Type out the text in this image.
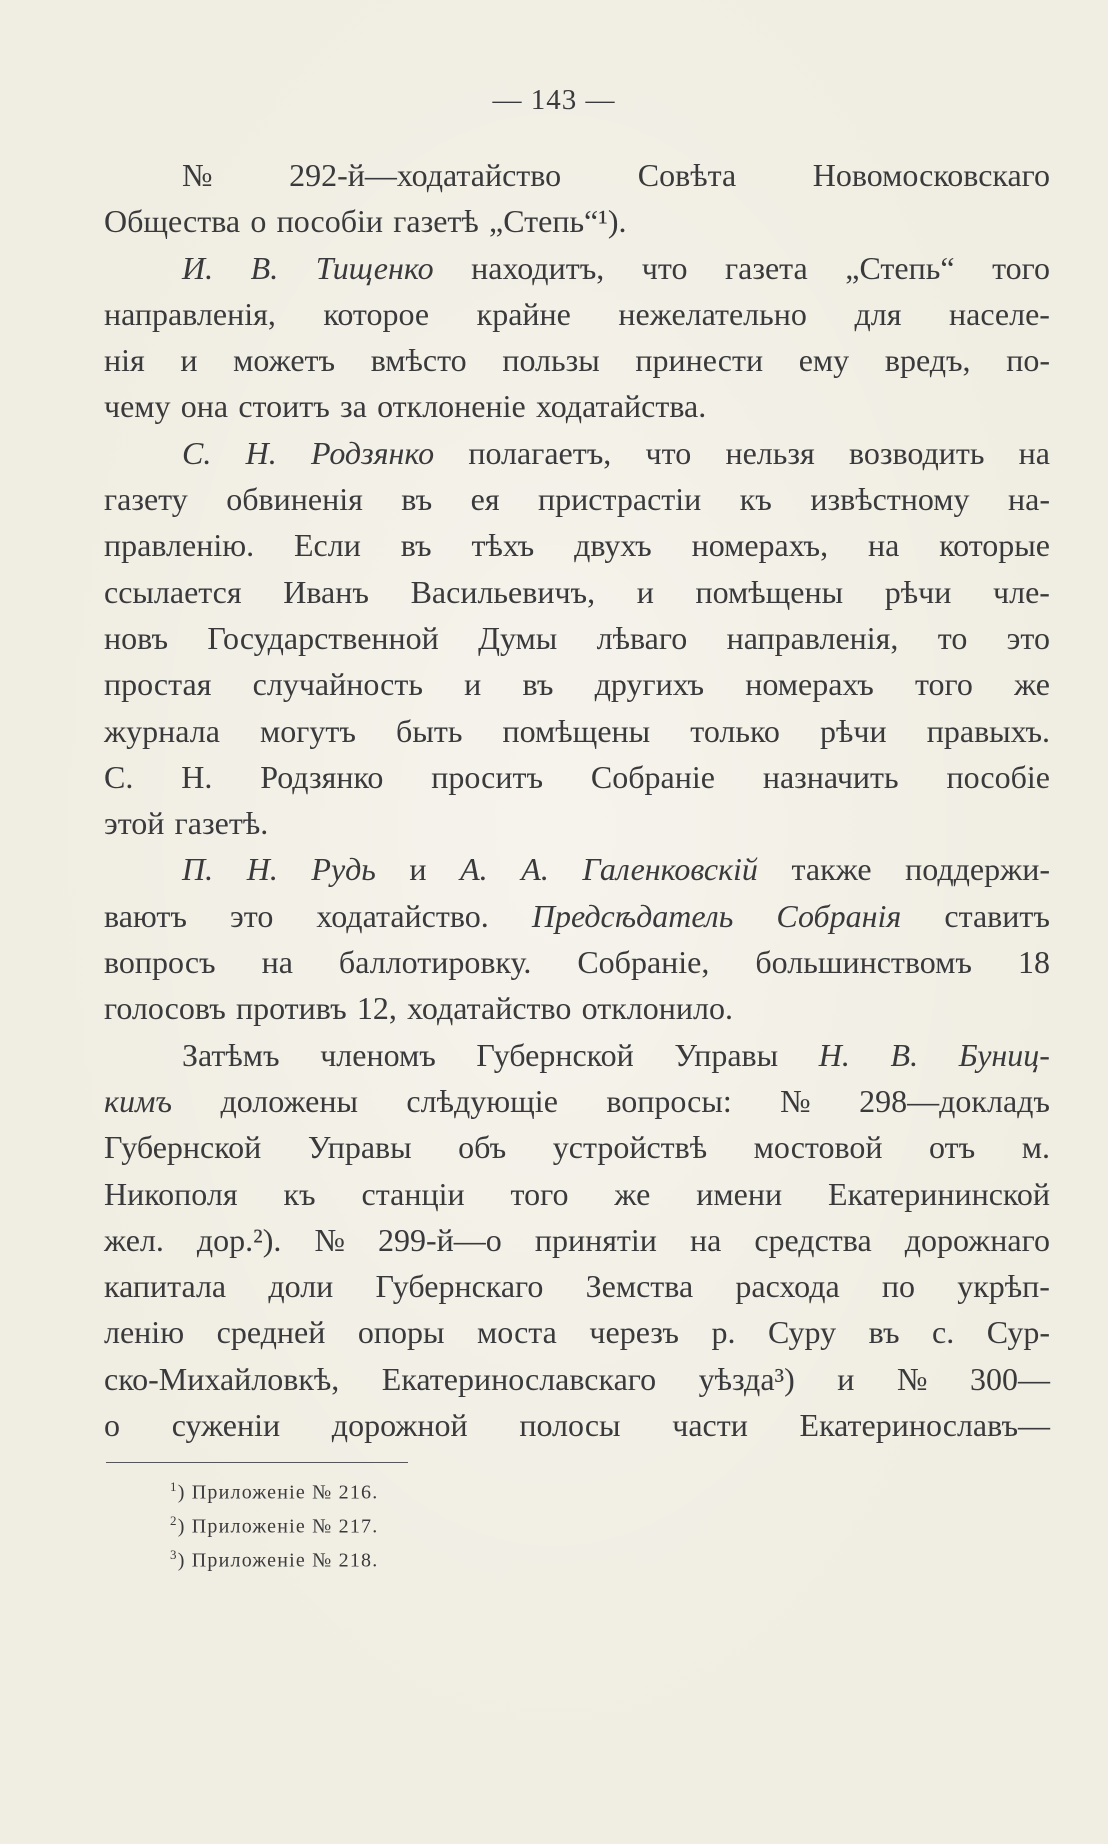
— 143 —
№ 292-й—ходатайство Совѣта Новомосковскаго
Общества о пособіи газетѣ „Степь“¹).
И. В. Тищенко находитъ, что газета „Степь“ того
направленія, которое крайне нежелательно для населе-
нія и можетъ вмѣсто пользы принести ему вредъ, по-
чему она стоитъ за отклоненіе ходатайства.
С. Н. Родзянко полагаетъ, что нельзя возводить на
газету обвиненія въ ея пристрастіи къ извѣстному на-
правленію. Если въ тѣхъ двухъ номерахъ, на которые
ссылается Иванъ Васильевичъ, и помѣщены рѣчи чле-
новъ Государственной Думы лѣваго направленія, то это
простая случайность и въ другихъ номерахъ того же
журнала могутъ быть помѣщены только рѣчи правыхъ.
С. Н. Родзянко проситъ Собраніе назначить пособіе
этой газетѣ.
П. Н. Рудь и А. А. Галенковскій также поддержи-
ваютъ это ходатайство. Предсѣдатель Собранія ставитъ
вопросъ на баллотировку. Собраніе, большинствомъ 18
голосовъ противъ 12, ходатайство отклонило.
Затѣмъ членомъ Губернской Управы Н. В. Буниц-
кимъ доложены слѣдующіе вопросы: № 298—докладъ
Губернской Управы объ устройствѣ мостовой отъ м.
Никополя къ станціи того же имени Екатерининской
жел. дор.²). № 299-й—о принятіи на средства дорожнаго
капитала доли Губернскаго Земства расхода по укрѣп-
ленію средней опоры моста черезъ р. Суру въ с. Сур-
ско-Михайловкѣ, Екатеринославскаго уѣзда³) и № 300—
о суженіи дорожной полосы части Екатеринославъ—
$^1$) Приложеніе № 216.
$^2$) Приложеніе № 217.
$^3$) Приложеніе № 218.
